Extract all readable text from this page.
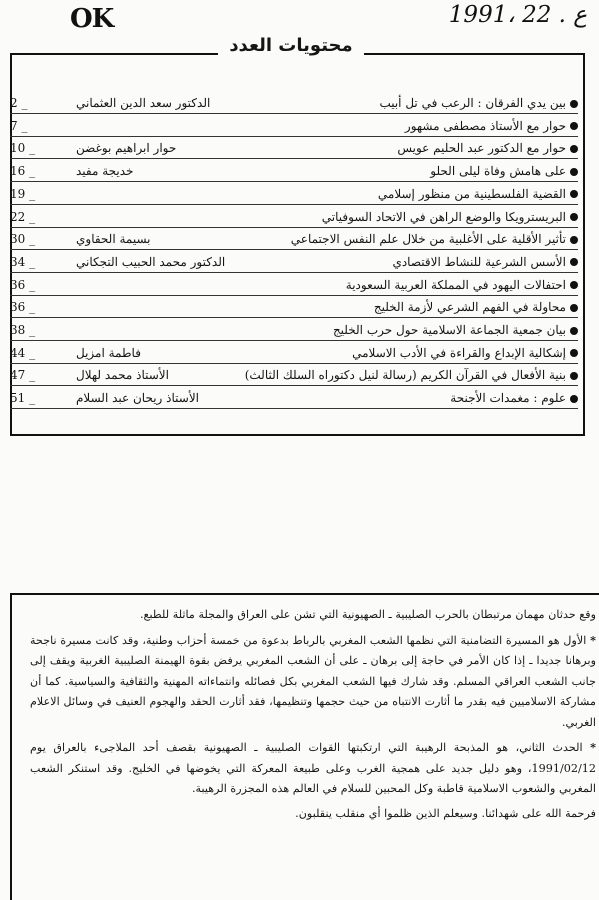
OK	1991، 22 . ع
محتويات العدد
بين يدي الفرقان : الرعب في تل أبيب
الدكتور سعد الدين العثماني
2 _
حوار مع الأستاذ مصطفى مشهور
7 _
حوار مع الدكتور عبد الحليم عويس
حوار ابراهيم بوغضن
10 _
على هامش وفاة ليلى الحلو
خديجة مفيد
16 _
القضية الفلسطينية من منظور إسلامي
19 _
البريسترويكا والوضع الراهن في الاتحاد السوفياتي
22 _
تأثير الأقلية على الأغلبية من خلال علم النفس الاجتماعي
بسيمة الحقاوي
30 _
الأسس الشرعية للنشاط الاقتصادي
الدكتور محمد الحبيب التجكاني
34 _
احتفالات اليهود في المملكة العربية السعودية
36 _
محاولة في الفهم الشرعي لأزمة الخليج
36 _
بيان جمعية الجماعة الاسلامية حول حرب الخليج
38 _
إشكالية الإبداع والقراءة في الأدب الاسلامي
فاطمة امزيل
44 _
بنية الأفعال في القرآن الكريم (رسالة لنيل دكتوراه السلك الثالث)
الأستاذ محمد لهلال
47 _
علوم : مغمدات الأجنحة
الأستاذ ريحان عبد السلام
51 _

وقع حدثان مهمان مرتبطان بالحرب الصليبية ـ الصهيونية التي تشن على العراق والمجلة ماثلة للطبع.

* الأول هو المسيرة التضامنية التي نظمها الشعب المغربي بالرباط بدعوة من خمسة أحزاب وطنية، وقد كانت مسيرة ناجحة وبرهانا جديدا ـ إذا كان الأمر في حاجة إلى برهان ـ على أن الشعب المغربي يرفض بقوة الهيمنة الصليبية الغربية ويقف إلى جانب الشعب العراقي المسلم. وقد شارك فيها الشعب المغربي بكل فصائله وانتماءاته المهنية والثقافية والسياسية. كما أن مشاركة الاسلاميين فيه بقدر ما أثارت الانتباه من حيث حجمها وتنظيمها، فقد أثارت الحقد والهجوم العنيف في وسائل الاعلام الغربي.

* الحدث الثاني، هو المذبحة الرهيبة التي ارتكبتها القوات الصليبية ـ الصهيونية بقصف أحد الملاجىء بالعراق يوم 1991/02/12، وهو دليل جديد على همجية الغرب وعلى طبيعة المعركة التي يخوضها في الخليج. وقد استنكر الشعب المغربي والشعوب الاسلامية قاطبة وكل المحبين للسلام في العالم هذه المجزرة الرهيبة.

فرحمة الله على شهدائنا. وسيعلم الذين ظلموا أي منقلب ينقلبون.
